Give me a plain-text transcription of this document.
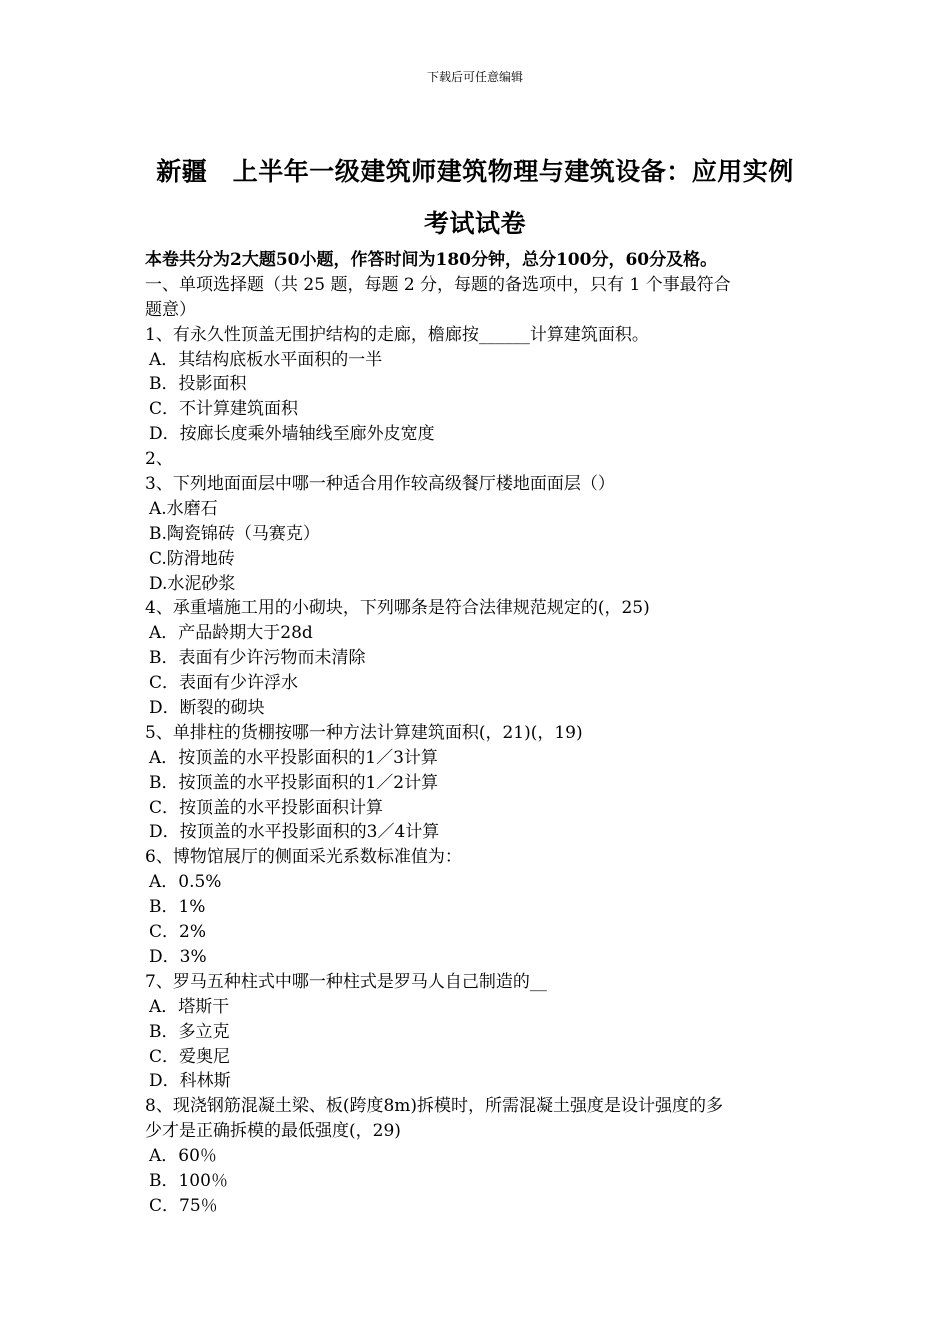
下载后可任意编辑
新疆　上半年一级建筑师建筑物理与建筑设备：应用实例
考试试卷
本卷共分为2大题50小题，作答时间为180分钟，总分100分，60分及格。
一、单项选择题（共 25 题，每题 2 分，每题的备选项中，只有 1 个事最符合
题意）
1、有永久性顶盖无围护结构的走廊，檐廊按______计算建筑面积。
A．其结构底板水平面积的一半
B．投影面积
C．不计算建筑面积
D．按廊长度乘外墙轴线至廊外皮宽度
2、
3、下列地面面层中哪一种适合用作较高级餐厅楼地面面层（）
A.水磨石
B.陶瓷锦砖（马赛克）
C.防滑地砖
D.水泥砂浆
4、承重墙施工用的小砌块，下列哪条是符合法律规范规定的(，25)
A．产品龄期大于28d
B．表面有少许污物而未清除
C．表面有少许浮水
D．断裂的砌块
5、单排柱的货棚按哪一种方法计算建筑面积(，21)(，19)
A．按顶盖的水平投影面积的1／3计算
B．按顶盖的水平投影面积的1／2计算
C．按顶盖的水平投影面积计算
D．按顶盖的水平投影面积的3／4计算
6、博物馆展厅的侧面采光系数标准值为：
A．0.5%
B．1%
C．2%
D．3%
7、罗马五种柱式中哪一种柱式是罗马人自己制造的__
A．塔斯干
B．多立克
C．爱奥尼
D．科林斯
8、现浇钢筋混凝土梁、板(跨度8m)拆模时，所需混凝土强度是设计强度的多
少才是正确拆模的最低强度(，29)
A．60％
B．100％
C．75％
